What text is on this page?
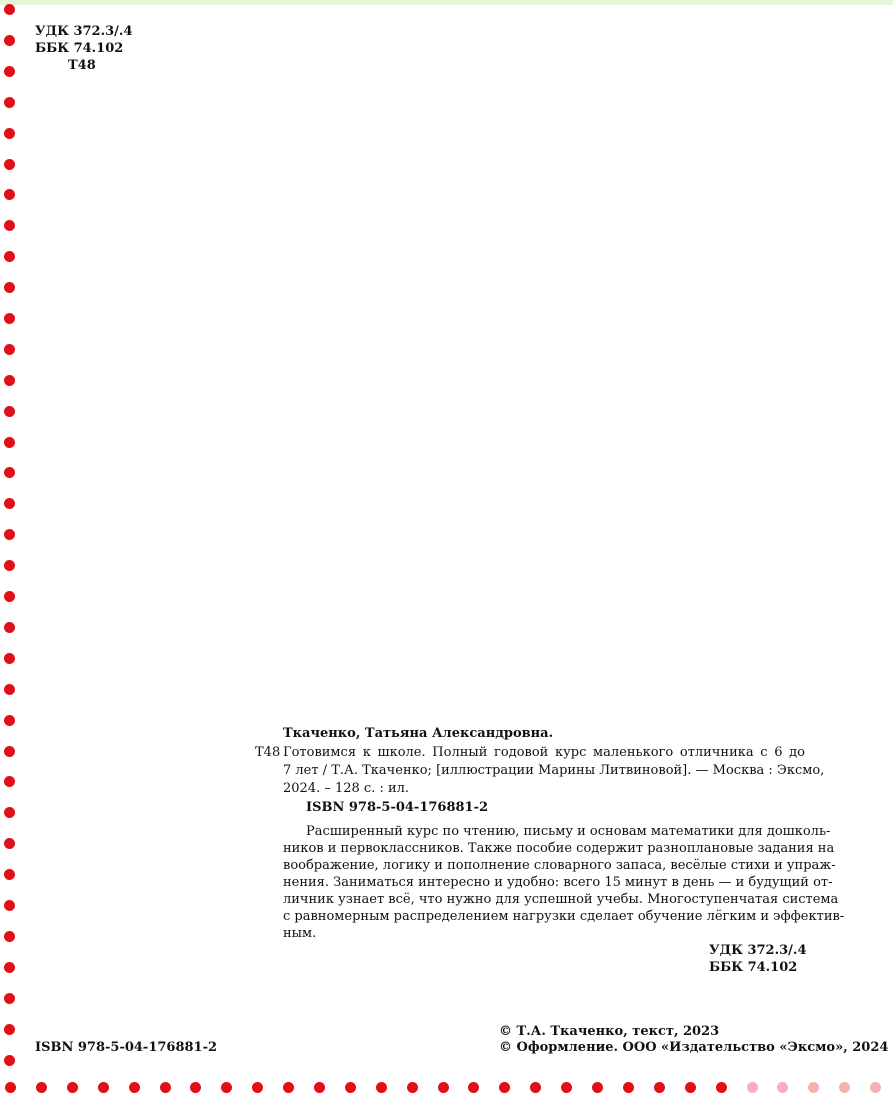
УДК 372.3/.4
ББК 74.102
Т48
Ткаченко, Татьяна Александровна.
Т48 Готовимся к школе. Полный годовой курс маленького отличника с 6 до
7 лет / Т.А. Ткаченко; [иллюстрации Марины Литвиновой]. — Москва : Эксмо,
2024. – 128 с. : ил.
ISBN 978-5-04-176881-2
Расширенный курс по чтению, письму и основам математики для дошколь-
ников и первоклассников. Также пособие содержит разноплановые задания на
воображение, логику и пополнение словарного запаса, весёлые стихи и упраж-
нения. Заниматься интересно и удобно: всего 15 минут в день — и будущий от-
личник узнает всё, что нужно для успешной учебы. Многоступенчатая система
с равномерным распределением нагрузки сделает обучение лёгким и эффектив-
ным.
УДК 372.3/.4
ББК 74.102
ISBN 978-5-04-176881-2
© Т.А. Ткаченко, текст, 2023
© Оформление. ООО «Издательство «Эксмо», 2024
